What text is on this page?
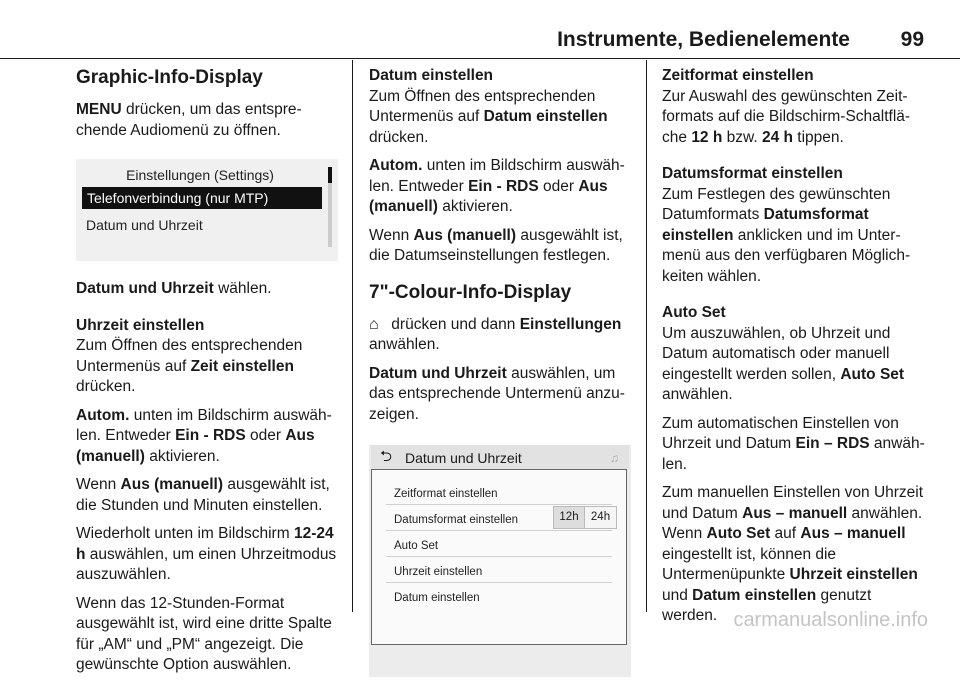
Instrumente, Bedienelemente 99
Graphic-Info-Display

MENU drücken, um das entspre-chende Audiomenü zu öffnen.

Einstellungen (Settings)
Telefonverbindung (nur MTP)
Datum und Uhrzeit

Datum und Uhrzeit wählen.

Uhrzeit einstellen

Zum Öffnen des entsprechenden Untermenüs auf Zeit einstellen drücken.

Autom. unten im Bildschirm auswäh-len. Entweder Ein - RDS oder Aus (manuell) aktivieren.

Wenn Aus (manuell) ausgewählt ist, die Stunden und Minuten einstellen.

Wiederholt unten im Bildschirm 12-24 h auswählen, um einen Uhrzeitmodus auszuwählen.

Wenn das 12-Stunden-Format ausgewählt ist, wird eine dritte Spalte für „AM“ und „PM“ angezeigt. Die gewünschte Option auswählen.

Datum einstellen

Zum Öffnen des entsprechenden Untermenüs auf Datum einstellen drücken.

Autom. unten im Bildschirm auswäh-len. Entweder Ein - RDS oder Aus (manuell) aktivieren.

Wenn Aus (manuell) ausgewählt ist, die Datumseinstellungen festlegen.

7"-Colour-Info-Display

⌂ drücken und dann Einstellungen anwählen.

Datum und Uhrzeit auswählen, um das entsprechende Untermenü anzu-zeigen.

⮌ Datum und Uhrzeit	♫
Zeitformat einstellen
Datumsformat einstellen
Auto Set
Uhrzeit einstellen
Datum einstellen
12h	24h
Zeitformat einstellen

Zur Auswahl des gewünschten Zeit-formats auf die Bildschirm-Schaltflä-che 12 h bzw. 24 h tippen.

Datumsformat einstellen

Zum Festlegen des gewünschten Datumformats Datumsformat einstellen anklicken und im Unter-menü aus den verfügbaren Möglich-keiten wählen.

Auto Set

Um auszuwählen, ob Uhrzeit und Datum automatisch oder manuell eingestellt werden sollen, Auto Set anwählen.

Zum automatischen Einstellen von Uhrzeit und Datum Ein – RDS anwäh-len.

Zum manuellen Einstellen von Uhrzeit und Datum Aus – manuell anwählen. Wenn Auto Set auf Aus – manuell eingestellt ist, können die Untermenüpunkte Uhrzeit einstellen und Datum einstellen genutzt werden. carmanualsonline.info
